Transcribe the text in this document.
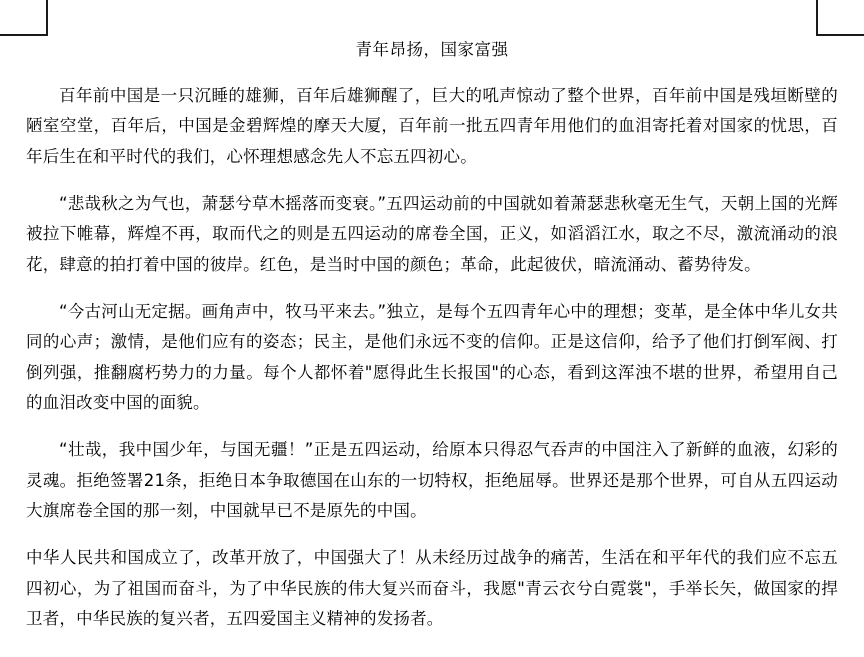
青年昂扬，国家富强

百年前中国是一只沉睡的雄狮，百年后雄狮醒了，巨大的吼声惊动了整个世界，百年前中国是残垣断壁的陋室空堂，百年后，中国是金碧辉煌的摩天大厦，百年前一批五四青年用他们的血泪寄托着对国家的忧思，百年后生在和平时代的我们，心怀理想感念先人不忘五四初心。

“悲哉秋之为气也，萧瑟兮草木摇落而变衰。”五四运动前的中国就如着萧瑟悲秋毫无生气，天朝上国的光辉被拉下帷幕，辉煌不再，取而代之的则是五四运动的席卷全国，正义，如滔滔江水，取之不尽，激流涌动的浪花，肆意的拍打着中国的彼岸。红色，是当时中国的颜色；革命，此起彼伏，暗流涌动、蓄势待发。

“今古河山无定据。画角声中，牧马平来去。”独立，是每个五四青年心中的理想；变革，是全体中华儿女共同的心声；激情，是他们应有的姿态；民主，是他们永远不变的信仰。正是这信仰，给予了他们打倒军阀、打倒列强，推翻腐朽势力的力量。每个人都怀着"愿得此生长报国"的心态，看到这浑浊不堪的世界，希望用自己的血泪改变中国的面貌。

“壮哉，我中国少年，与国无疆！”正是五四运动，给原本只得忍气吞声的中国注入了新鲜的血液，幻彩的灵魂。拒绝签署21条，拒绝日本争取德国在山东的一切特权，拒绝屈辱。世界还是那个世界，可自从五四运动大旗席卷全国的那一刻，中国就早已不是原先的中国。

中华人民共和国成立了，改革开放了，中国强大了！从未经历过战争的痛苦，生活在和平年代的我们应不忘五四初心，为了祖国而奋斗，为了中华民族的伟大复兴而奋斗，我愿"青云衣兮白霓裳"，手举长矢，做国家的捍卫者，中华民族的复兴者，五四爱国主义精神的发扬者。
